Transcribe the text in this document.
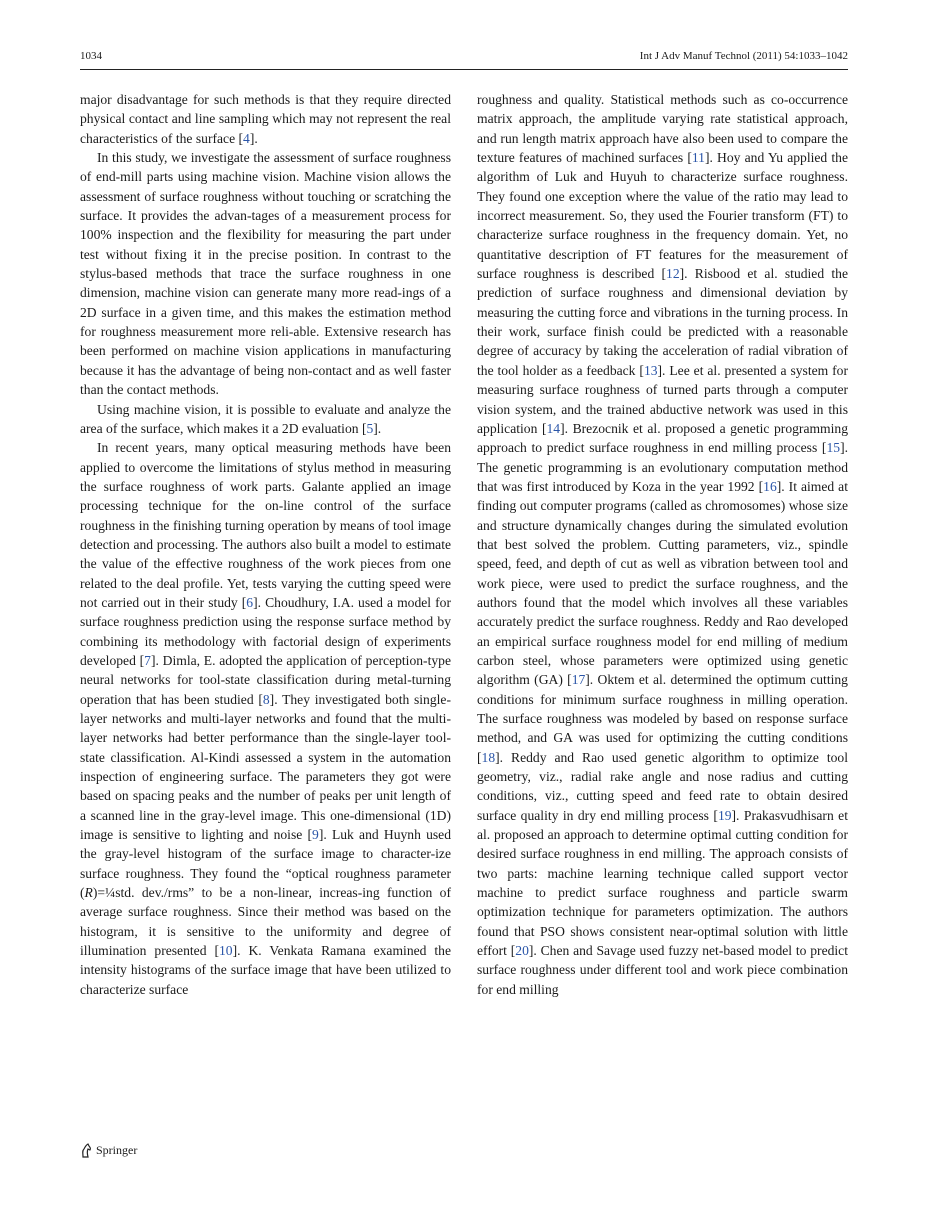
1034	Int J Adv Manuf Technol (2011) 54:1033–1042

major disadvantage for such methods is that they require directed physical contact and line sampling which may not represent the real characteristics of the surface [4].

In this study, we investigate the assessment of surface roughness of end-mill parts using machine vision. Machine vision allows the assessment of surface roughness without touching or scratching the surface. It provides the advan-tages of a measurement process for 100% inspection and the flexibility for measuring the part under test without fixing it in the precise position. In contrast to the stylus-based methods that trace the surface roughness in one dimension, machine vision can generate many more read-ings of a 2D surface in a given time, and this makes the estimation method for roughness measurement more reli-able. Extensive research has been performed on machine vision applications in manufacturing because it has the advantage of being non-contact and as well faster than the contact methods.

Using machine vision, it is possible to evaluate and analyze the area of the surface, which makes it a 2D evaluation [5].

In recent years, many optical measuring methods have been applied to overcome the limitations of stylus method in measuring the surface roughness of work parts. Galante applied an image processing technique for the on-line control of the surface roughness in the finishing turning operation by means of tool image detection and processing. The authors also built a model to estimate the value of the effective roughness of the work pieces from one related to the deal profile. Yet, tests varying the cutting speed were not carried out in their study [6]. Choudhury, I.A. used a model for surface roughness prediction using the response surface method by combining its methodology with factorial design of experiments developed [7]. Dimla, E. adopted the application of perception-type neural networks for tool-state classification during metal-turning operation that has been studied [8]. They investigated both single-layer networks and multi-layer networks and found that the multi-layer networks had better performance than the single-layer tool-state classification. Al-Kindi assessed a system in the automation inspection of engineering surface. The parameters they got were based on spacing peaks and the number of peaks per unit length of a scanned line in the gray-level image. This one-dimensional (1D) image is sensitive to lighting and noise [9]. Luk and Huynh used the gray-level histogram of the surface image to character-ize surface roughness. They found the “optical roughness parameter (R)=¼std. dev./rms” to be a non-linear, increas-ing function of average surface roughness. Since their method was based on the histogram, it is sensitive to the uniformity and degree of illumination presented [10]. K. Venkata Ramana examined the intensity histograms of the surface image that have been utilized to characterize surface

roughness and quality. Statistical methods such as co-occurrence matrix approach, the amplitude varying rate statistical approach, and run length matrix approach have also been used to compare the texture features of machined surfaces [11]. Hoy and Yu applied the algorithm of Luk and Huyuh to characterize surface roughness. They found one exception where the value of the ratio may lead to incorrect measurement. So, they used the Fourier transform (FT) to characterize surface roughness in the frequency domain. Yet, no quantitative description of FT features for the measurement of surface roughness is described [12]. Risbood et al. studied the prediction of surface roughness and dimensional deviation by measuring the cutting force and vibrations in the turning process. In their work, surface finish could be predicted with a reasonable degree of accuracy by taking the acceleration of radial vibration of the tool holder as a feedback [13]. Lee et al. presented a system for measuring surface roughness of turned parts through a computer vision system, and the trained abductive network was used in this application [14]. Brezocnik et al. proposed a genetic programming approach to predict surface roughness in end milling process [15]. The genetic programming is an evolutionary computation method that was first introduced by Koza in the year 1992 [16]. It aimed at finding out computer programs (called as chromosomes) whose size and structure dynamically changes during the simulated evolution that best solved the problem. Cutting parameters, viz., spindle speed, feed, and depth of cut as well as vibration between tool and work piece, were used to predict the surface roughness, and the authors found that the model which involves all these variables accurately predict the surface roughness. Reddy and Rao developed an empirical surface roughness model for end milling of medium carbon steel, whose parameters were optimized using genetic algorithm (GA) [17]. Oktem et al. determined the optimum cutting conditions for minimum surface roughness in milling operation. The surface roughness was modeled by based on response surface method, and GA was used for optimizing the cutting conditions [18]. Reddy and Rao used genetic algorithm to optimize tool geometry, viz., radial rake angle and nose radius and cutting conditions, viz., cutting speed and feed rate to obtain desired surface quality in dry end milling process [19]. Prakasvudhisarn et al. proposed an approach to determine optimal cutting condition for desired surface roughness in end milling. The approach consists of two parts: machine learning technique called support vector machine to predict surface roughness and particle swarm optimization technique for parameters optimization. The authors found that PSO shows consistent near-optimal solution with little effort [20]. Chen and Savage used fuzzy net-based model to predict surface roughness under different tool and work piece combination for end milling

Springer
